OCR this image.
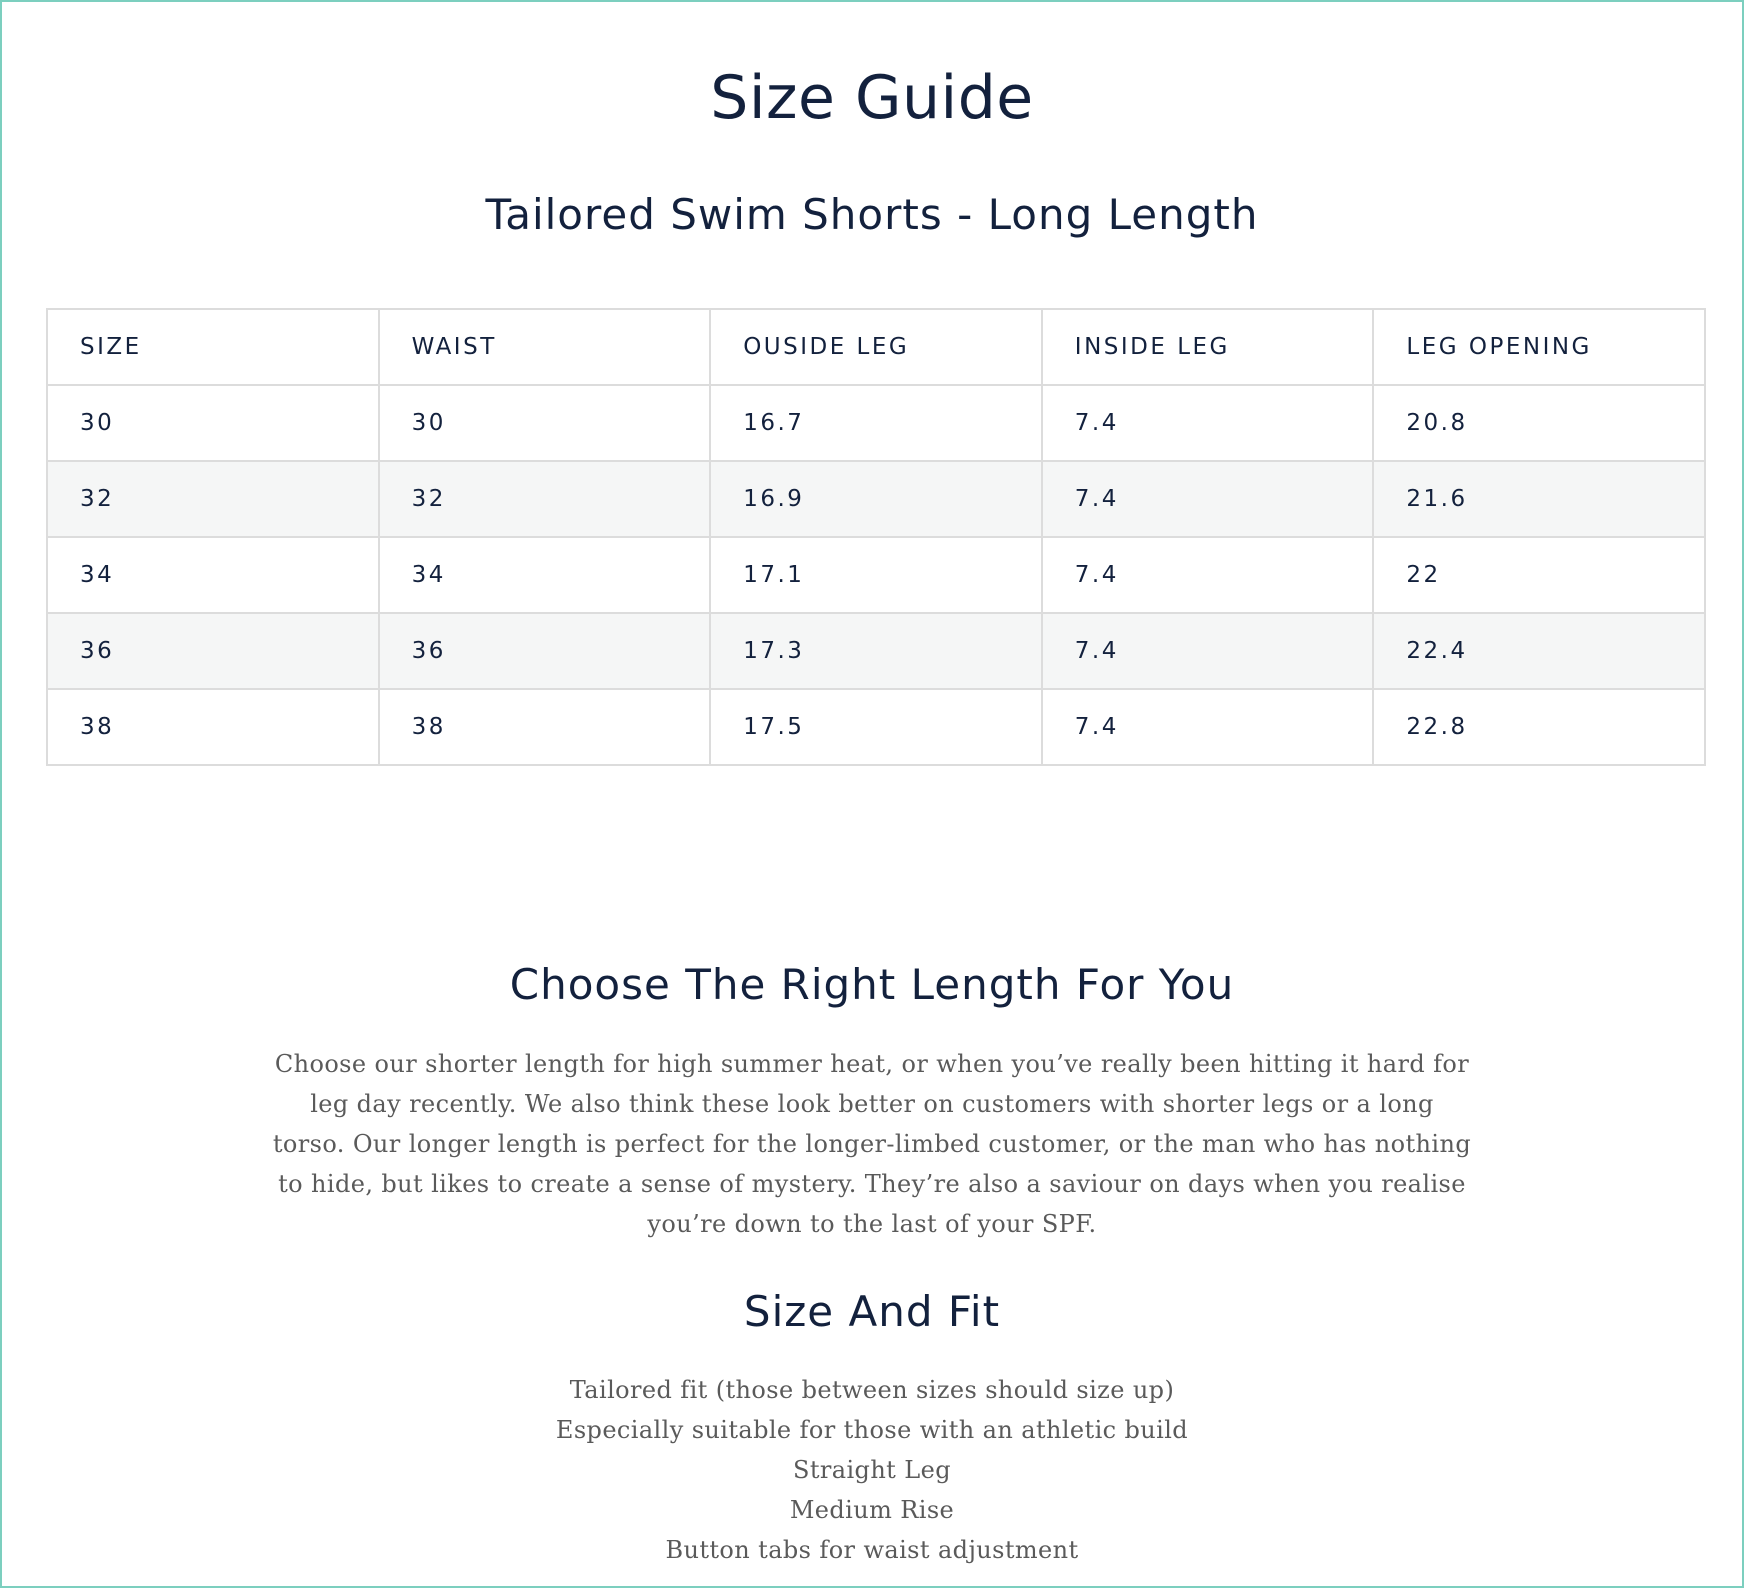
Size Guide
Tailored Swim Shorts - Long Length
SIZE	WAIST	OUSIDE LEG	INSIDE LEG	LEG OPENING
30	30	16.7	7.4	20.8
32	32	16.9	7.4	21.6
34	34	17.1	7.4	22
36	36	17.3	7.4	22.4
38	38	17.5	7.4	22.8
Choose The Right Length For You

Choose our shorter length for high summer heat, or when you’ve really been hitting it hard for leg day recently. We also think these look better on customers with shorter legs or a long torso. Our longer length is perfect for the longer-limbed customer, or the man who has nothing to hide, but likes to create a sense of mystery. They’re also a saviour on days when you realise you’re down to the last of your SPF.

Size And Fit
Tailored fit (those between sizes should size up)
Especially suitable for those with an athletic build
Straight Leg
Medium Rise
Button tabs for waist adjustment
